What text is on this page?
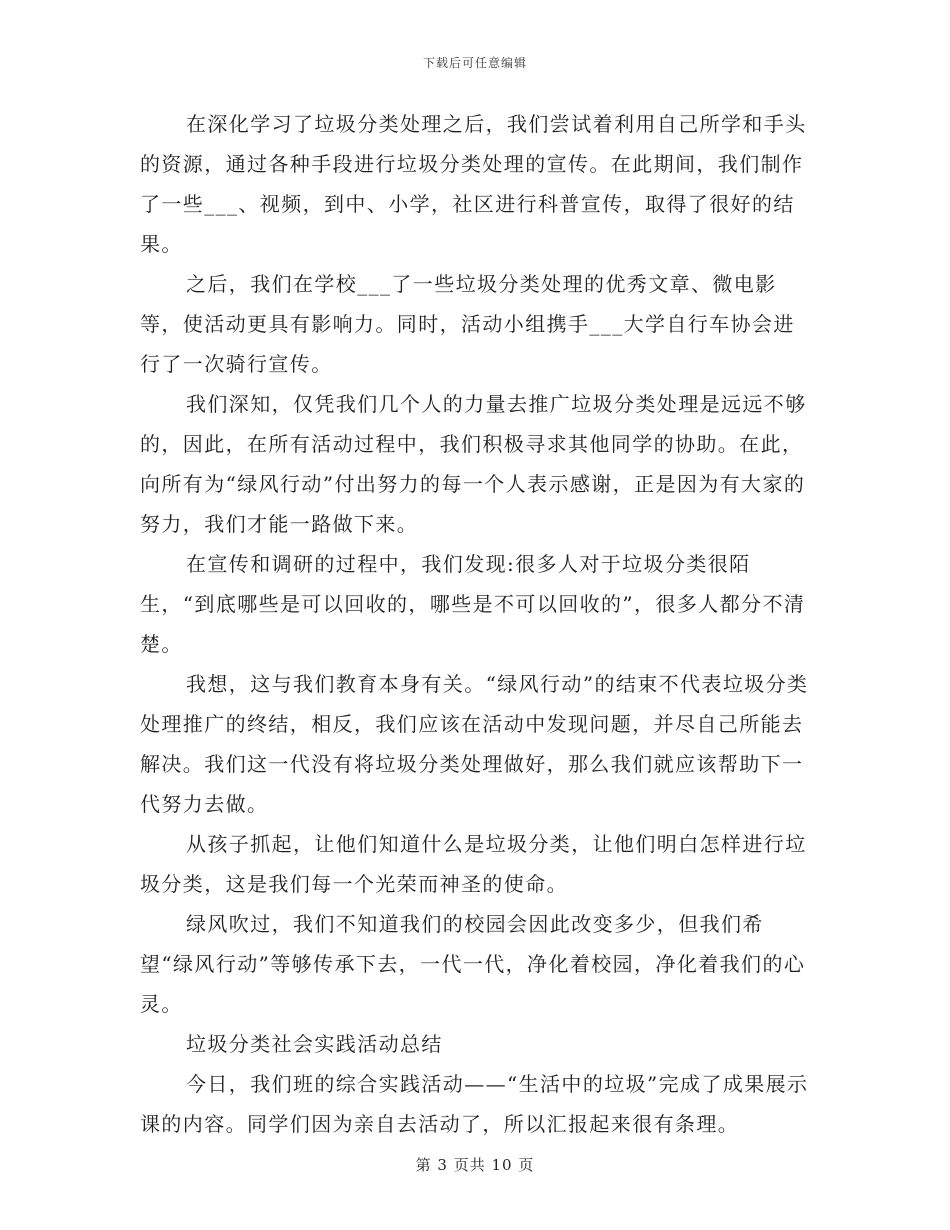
下载后可任意编辑

在深化学习了垃圾分类处理之后，我们尝试着利用自己所学和手头的资源，通过各种手段进行垃圾分类处理的宣传。在此期间，我们制作了一些___、视频，到中、小学，社区进行科普宣传，取得了很好的结果。

之后，我们在学校___了一些垃圾分类处理的优秀文章、微电影等，使活动更具有影响力。同时，活动小组携手___大学自行车协会进行了一次骑行宣传。

我们深知，仅凭我们几个人的力量去推广垃圾分类处理是远远不够的，因此，在所有活动过程中，我们积极寻求其他同学的协助。在此，向所有为“绿风行动”付出努力的每一个人表示感谢，正是因为有大家的努力，我们才能一路做下来。

在宣传和调研的过程中，我们发现:很多人对于垃圾分类很陌生，“到底哪些是可以回收的，哪些是不可以回收的”，很多人都分不清楚。

我想，这与我们教育本身有关。“绿风行动”的结束不代表垃圾分类处理推广的终结，相反，我们应该在活动中发现问题，并尽自己所能去解决。我们这一代没有将垃圾分类处理做好，那么我们就应该帮助下一代努力去做。

从孩子抓起，让他们知道什么是垃圾分类，让他们明白怎样进行垃圾分类，这是我们每一个光荣而神圣的使命。

绿风吹过，我们不知道我们的校园会因此改变多少，但我们希望“绿风行动”等够传承下去，一代一代，净化着校园，净化着我们的心灵。

垃圾分类社会实践活动总结

今日，我们班的综合实践活动——“生活中的垃圾”完成了成果展示课的内容。同学们因为亲自去活动了，所以汇报起来很有条理。

第 3 页共 10 页
